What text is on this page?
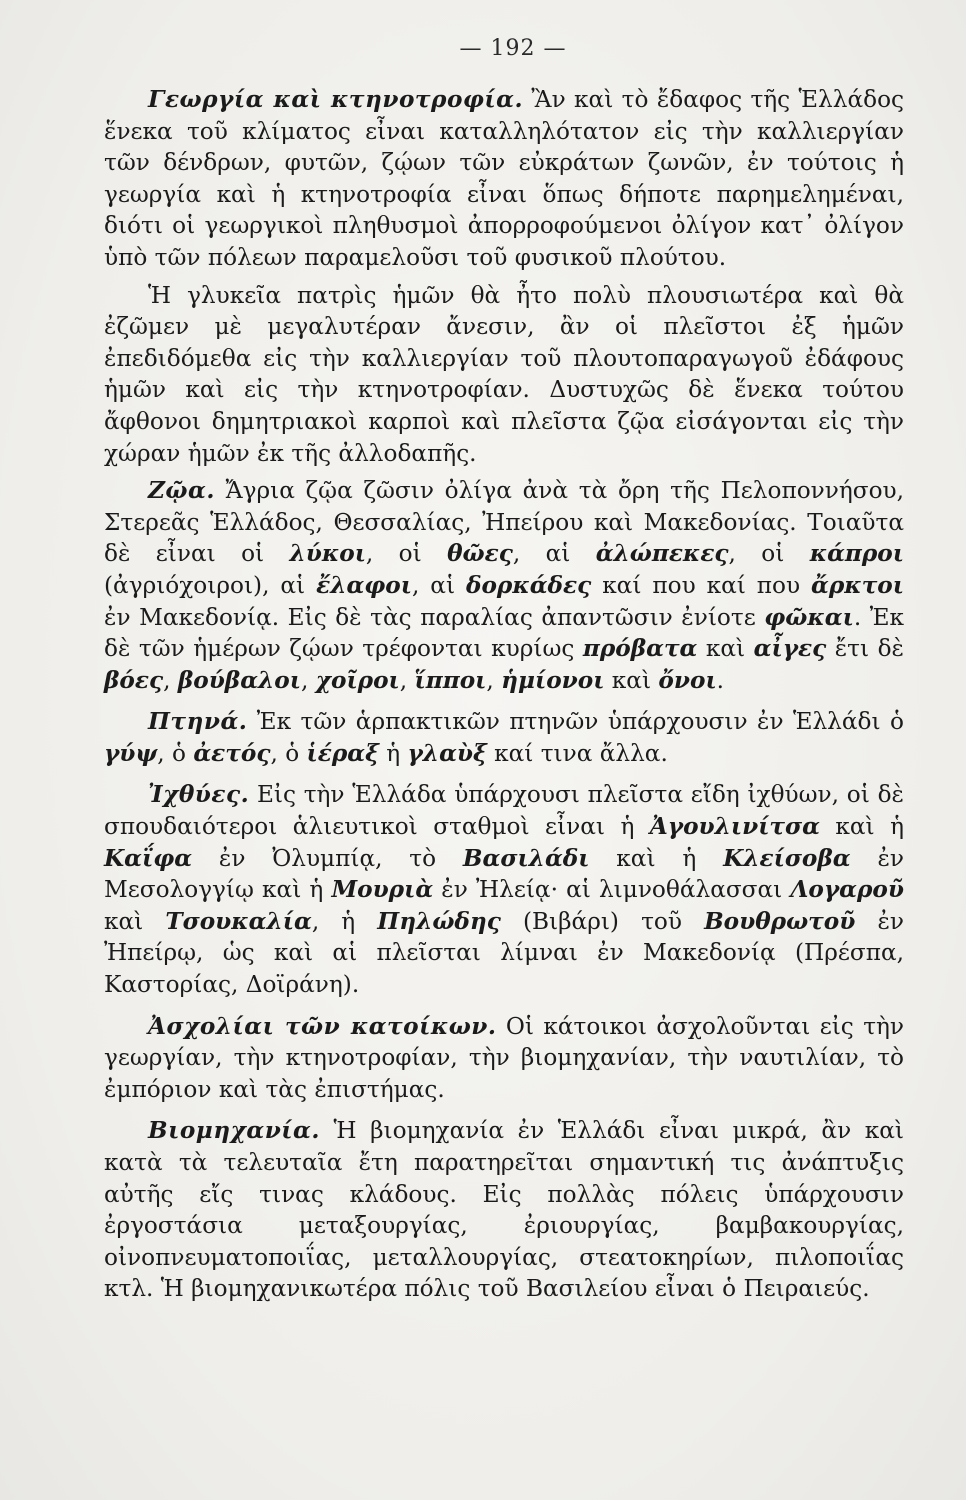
— 192 —

Γεωργία καὶ κτηνοτροφία. Ἂν καὶ τὸ ἔδαφος τῆς Ἑλλάδος ἕνεκα τοῦ κλίματος εἶναι καταλληλότατον εἰς τὴν καλλιεργίαν τῶν δένδρων, φυτῶν, ζῴων τῶν εὐκράτων ζωνῶν, ἐν τούτοις ἡ γεωργία καὶ ἡ κτηνοτροφία εἶναι ὅπως δήποτε παρημελημέναι, διότι οἱ γεωργικοὶ πληθυσμοὶ ἀπορροφούμενοι ὀλίγον κατ᾽ ὀλίγον ὑπὸ τῶν πόλεων παραμελοῦσι τοῦ φυσικοῦ πλούτου.

Ἡ γλυκεῖα πατρὶς ἡμῶν θὰ ἦτο πολὺ πλουσιωτέρα καὶ θὰ ἐζῶμεν μὲ μεγαλυτέραν ἄνεσιν, ἂν οἱ πλεῖστοι ἐξ ἡμῶν ἐπεδιδόμεθα εἰς τὴν καλλιεργίαν τοῦ πλουτοπαραγωγοῦ ἐδάφους ἡμῶν καὶ εἰς τὴν κτηνοτροφίαν. Δυστυχῶς δὲ ἕνεκα τούτου ἄφθονοι δημητριακοὶ καρποὶ καὶ πλεῖστα ζῷα εἰσάγονται εἰς τὴν χώραν ἡμῶν ἐκ τῆς ἀλλοδαπῆς.

Ζῷα. Ἄγρια ζῷα ζῶσιν ὀλίγα ἀνὰ τὰ ὄρη τῆς Πελοποννήσου, Στερεᾶς Ἑλλάδος, Θεσσαλίας, Ἠπείρου καὶ Μακεδονίας. Τοιαῦτα δὲ εἶναι οἱ λύκοι, οἱ θῶες, αἱ ἀλώπεκες, οἱ κάπροι (ἀγριόχοιροι), αἱ ἔλαφοι, αἱ δορκάδες καί που καί που ἄρκτοι ἐν Μακεδονίᾳ. Εἰς δὲ τὰς παραλίας ἀπαντῶσιν ἐνίοτε φῶκαι. Ἐκ δὲ τῶν ἡμέρων ζῴων τρέφονται κυρίως πρόβατα καὶ αἶγες ἔτι δὲ βόες, βούβαλοι, χοῖροι, ἵπποι, ἡμίονοι καὶ ὄνοι.

Πτηνά. Ἐκ τῶν ἁρπακτικῶν πτηνῶν ὑπάρχουσιν ἐν Ἑλλάδι ὁ γύψ, ὁ ἀετός, ὁ ἱέραξ ἡ γλαὺξ καί τινα ἄλλα.

Ἰχθύες. Εἰς τὴν Ἑλλάδα ὑπάρχουσι πλεῖστα εἴδη ἰχθύων, οἱ δὲ σπουδαιότεροι ἁλιευτικοὶ σταθμοὶ εἶναι ἡ Ἀγουλινίτσα καὶ ἡ Καΐφα ἐν Ὀλυμπίᾳ, τὸ Βασιλάδι καὶ ἡ Κλείσοβα ἐν Μεσολογγίῳ καὶ ἡ Μουριὰ ἐν Ἠλείᾳ· αἱ λιμνοθάλασσαι Λογαροῦ καὶ Τσουκαλία, ἡ Πηλώδης (Βιβάρι) τοῦ Βουθρωτοῦ ἐν Ἠπείρῳ, ὡς καὶ αἱ πλεῖσται λίμναι ἐν Μακεδονίᾳ (Πρέσπα, Καστορίας, Δοϊράνη).

Ἀσχολίαι τῶν κατοίκων. Οἱ κάτοικοι ἀσχολοῦνται εἰς τὴν γεωργίαν, τὴν κτηνοτροφίαν, τὴν βιομηχανίαν, τὴν ναυτιλίαν, τὸ ἐμπόριον καὶ τὰς ἐπιστήμας.

Βιομηχανία. Ἡ βιομηχανία ἐν Ἑλλάδι εἶναι μικρά, ἂν καὶ κατὰ τὰ τελευταῖα ἔτη παρατηρεῖται σημαντική τις ἀνάπτυξις αὐτῆς εἴς τινας κλάδους. Εἰς πολλὰς πόλεις ὑπάρχουσιν ἐργοστάσια μεταξουργίας, ἐριουργίας, βαμβακουργίας, οἰνοπνευματοποιΐας, μεταλλουργίας, στεατοκηρίων, πιλοποιΐας κτλ. Ἡ βιομηχανικωτέρα πόλις τοῦ Βασιλείου εἶναι ὁ Πειραιεύς.
